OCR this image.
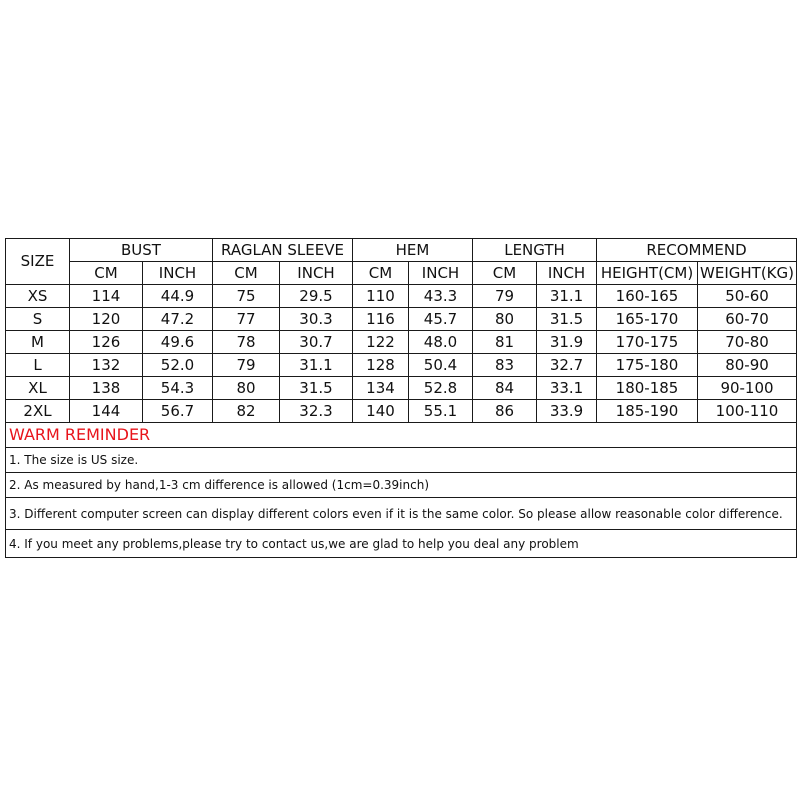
SIZE	BUST		RAGLAN SLEEVE		HEM		LENGTH		RECOMMEND	
	CM	INCH	CM	INCH	CM	INCH	CM	INCH	HEIGHT(CM)	WEIGHT(KG)
XS	114	44.9	75	29.5	110	43.3	79	31.1	160-165	50-60
S	120	47.2	77	30.3	116	45.7	80	31.5	165-170	60-70
M	126	49.6	78	30.7	122	48.0	81	31.9	170-175	70-80
L	132	52.0	79	31.1	128	50.4	83	32.7	175-180	80-90
XL	138	54.3	80	31.5	134	52.8	84	33.1	180-185	90-100
2XL	144	56.7	82	32.3	140	55.1	86	33.9	185-190	100-110
WARM REMINDER										
1. The size is US size.										
2. As measured by hand,1-3 cm difference is allowed (1cm=0.39inch)										
3. Different computer screen can display different colors even if it is the same color. So please allow reasonable color difference.										
4. If you meet any problems,please try to contact us,we are glad to help you deal any problem										
